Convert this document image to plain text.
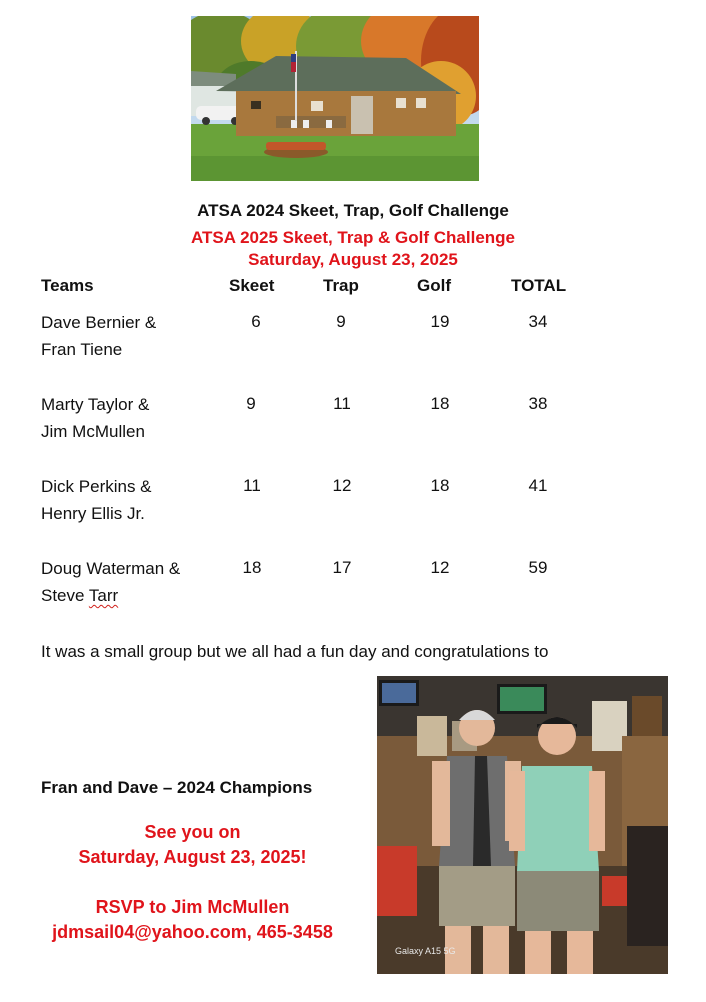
ATSA 2024 Skeet, Trap, Golf Challenge
ATSA 2025 Skeet, Trap & Golf Challenge
Saturday, August 23, 2025
Teams	Skeet	Trap	Golf	TOTAL
Dave Bernier &
Fran Tiene
6	9	19	34
Marty Taylor &
Jim McMullen
9	11	18	38
Dick Perkins &
Henry Ellis Jr.
11	12	18	41
Doug Waterman &
Steve Tarr
18	17	12	59
It was a small group but we all had a fun day and congratulations to
Fran and Dave – 2024 Champions
See you on
Saturday, August 23, 2025!
RSVP to Jim McMullen
jdmsail04@yahoo.com, 465-3458
Galaxy A15 5G
